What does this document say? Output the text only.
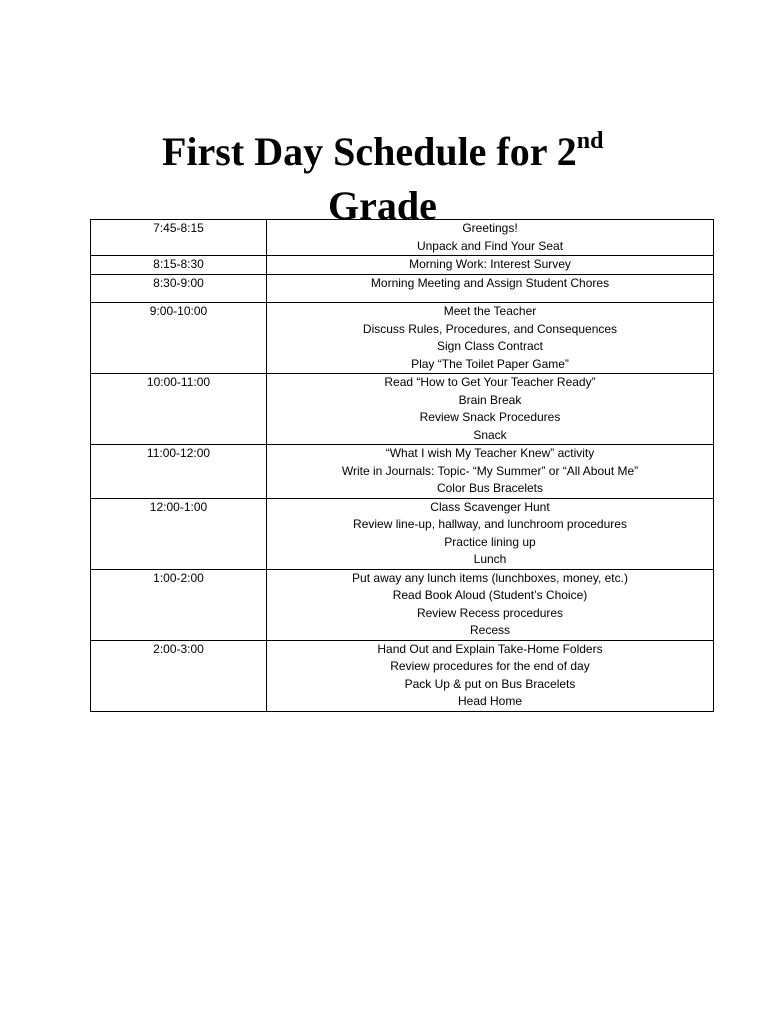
First Day Schedule for 2nd
Grade
7:45-8:15	Greetings!
Unpack and Find Your Seat

8:15-8:30	Morning Work: Interest Survey

8:30-9:00	Morning Meeting and Assign Student Chores

9:00-10:00	Meet the Teacher
Discuss Rules, Procedures, and Consequences
Sign Class Contract
Play “The Toilet Paper Game”

10:00-11:00	Read “How to Get Your Teacher Ready”
Brain Break
Review Snack Procedures
Snack

11:00-12:00	“What I wish My Teacher Knew” activity
Write in Journals: Topic- “My Summer” or “All About Me”
Color Bus Bracelets

12:00-1:00	Class Scavenger Hunt
Review line-up, hallway, and lunchroom procedures
Practice lining up
Lunch

1:00-2:00	Put away any lunch items (lunchboxes, money, etc.)
Read Book Aloud (Student’s Choice)
Review Recess procedures
Recess

2:00-3:00	Hand Out and Explain Take-Home Folders
Review procedures for the end of day
Pack Up & put on Bus Bracelets
Head Home
